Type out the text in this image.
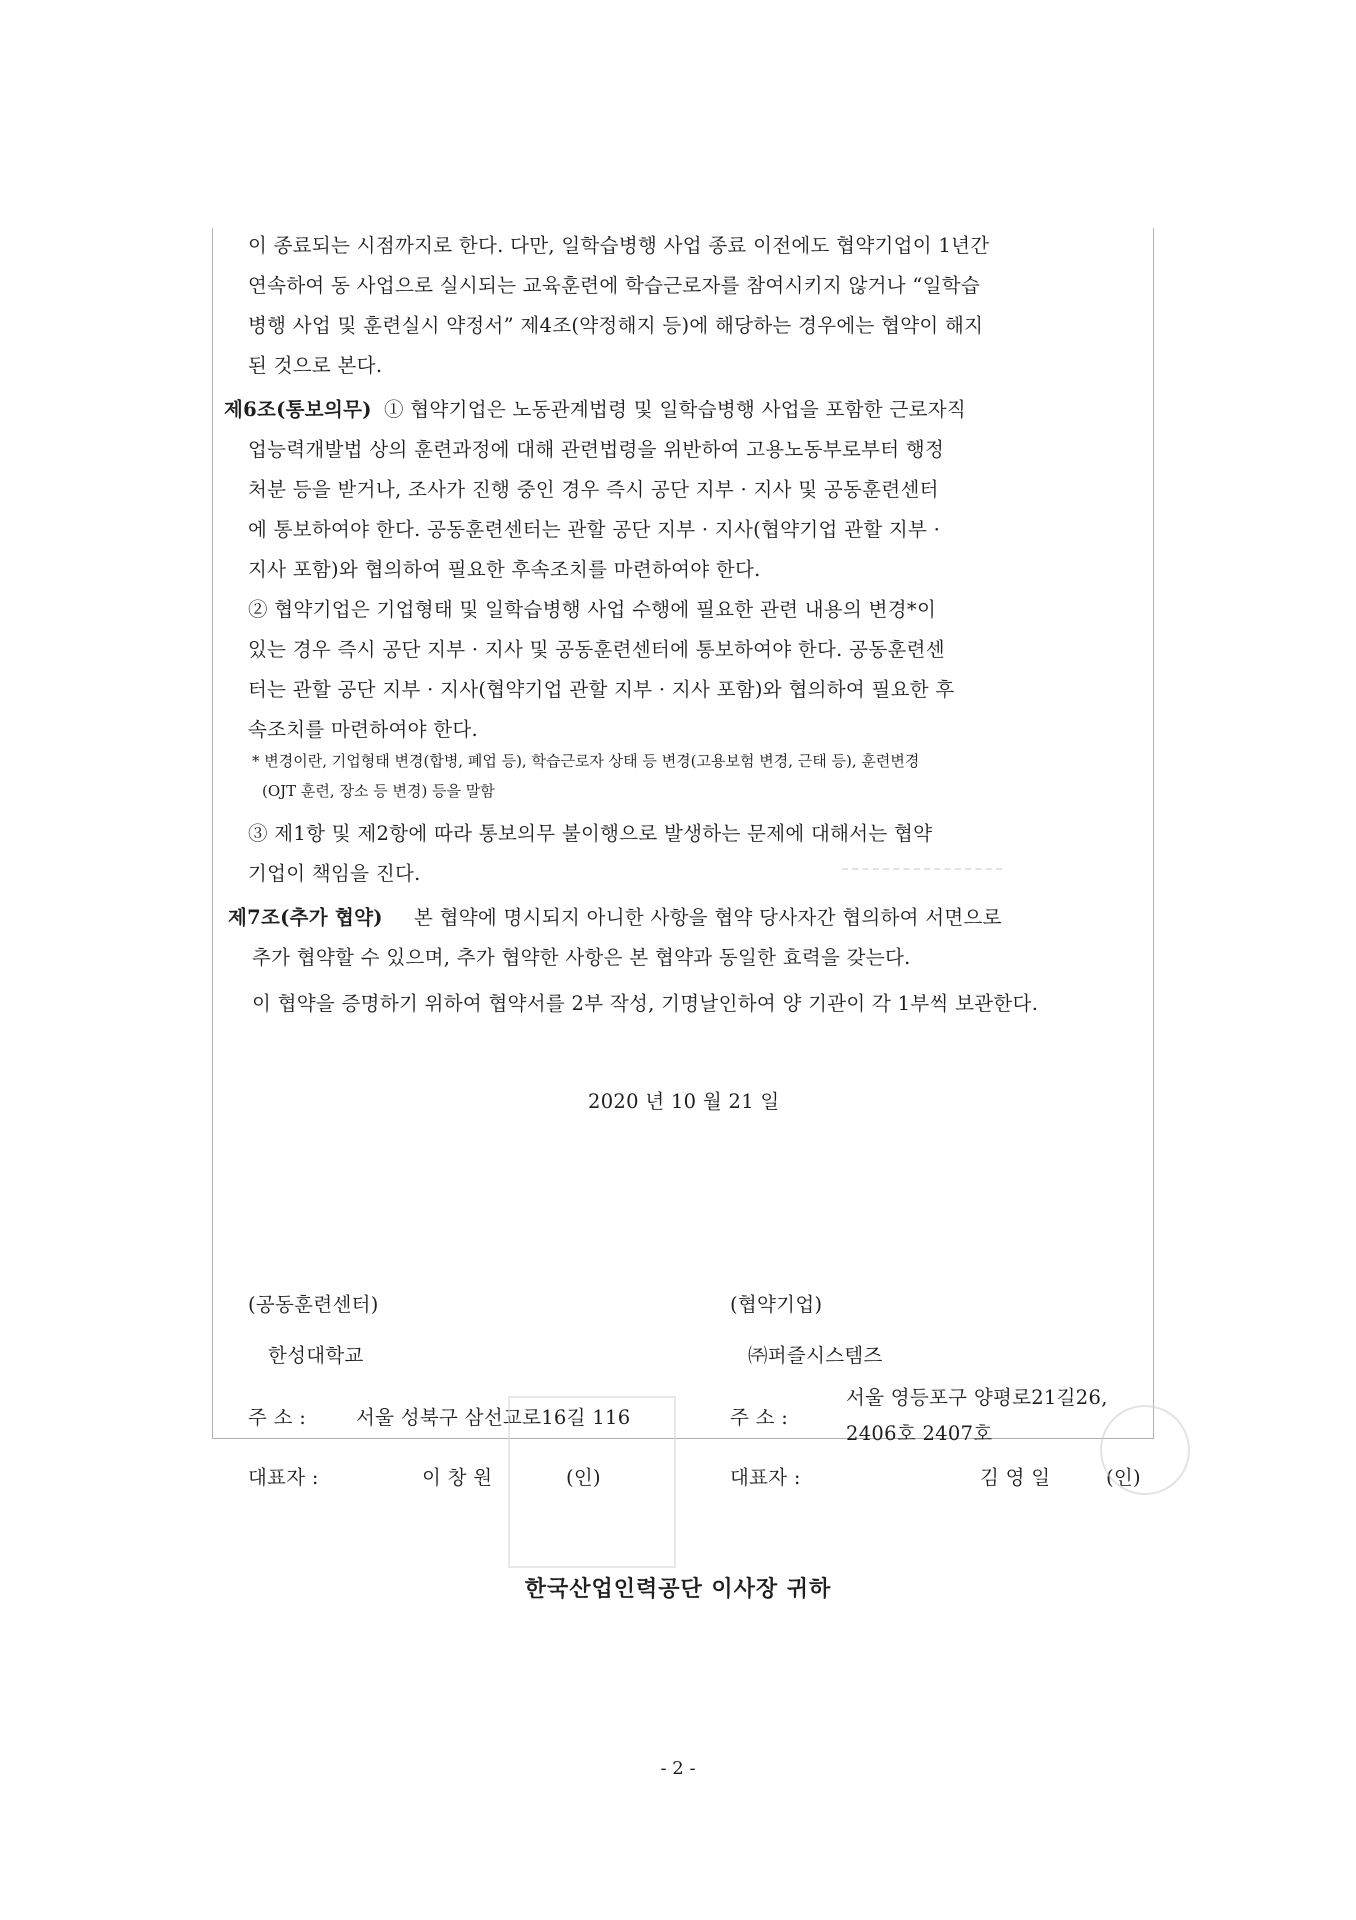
이 종료되는 시점까지로 한다. 다만, 일학습병행 사업 종료 이전에도 협약기업이 1년간
연속하여 동 사업으로 실시되는 교육훈련에 학습근로자를 참여시키지 않거나 “일학습
병행 사업 및 훈련실시 약정서” 제4조(약정해지 등)에 해당하는 경우에는 협약이 해지
된 것으로 본다.
제6조(통보의무) ① 협약기업은 노동관계법령 및 일학습병행 사업을 포함한 근로자직
업능력개발법 상의 훈련과정에 대해 관련법령을 위반하여 고용노동부로부터 행정
처분 등을 받거나, 조사가 진행 중인 경우 즉시 공단 지부 · 지사 및 공동훈련센터
에 통보하여야 한다. 공동훈련센터는 관할 공단 지부 · 지사(협약기업 관할 지부 ·
지사 포함)와 협의하여 필요한 후속조치를 마련하여야 한다.
② 협약기업은 기업형태 및 일학습병행 사업 수행에 필요한 관련 내용의 변경*이
있는 경우 즉시 공단 지부 · 지사 및 공동훈련센터에 통보하여야 한다. 공동훈련센
터는 관할 공단 지부 · 지사(협약기업 관할 지부 · 지사 포함)와 협의하여 필요한 후
속조치를 마련하여야 한다.
* 변경이란, 기업형태 변경(합병, 폐업 등), 학습근로자 상태 등 변경(고용보험 변경, 근태 등), 훈련변경
(OJT 훈련, 장소 등 변경) 등을 말함
③ 제1항 및 제2항에 따라 통보의무 불이행으로 발생하는 문제에 대해서는 협약
기업이 책임을 진다.
제7조(추가 협약) 본 협약에 명시되지 아니한 사항을 협약 당사자간 협의하여 서면으로
추가 협약할 수 있으며, 추가 협약한 사항은 본 협약과 동일한 효력을 갖는다.
이 협약을 증명하기 위하여 협약서를 2부 작성, 기명날인하여 양 기관이 각 1부씩 보관한다.
2020 년 10 월 21 일
(공동훈련센터)	(협약기업)
한성대학교	㈜퍼즐시스템즈
주 소 :	서울 성북구 삼선교로16길 116	주 소 :
서울 영등포구 양평로21길26,
2406호 2407호
대표자 :	이 창 원	(인)	대표자 :	김 영 일	(인)
한국산업인력공단 이사장 귀하
- 2 -
